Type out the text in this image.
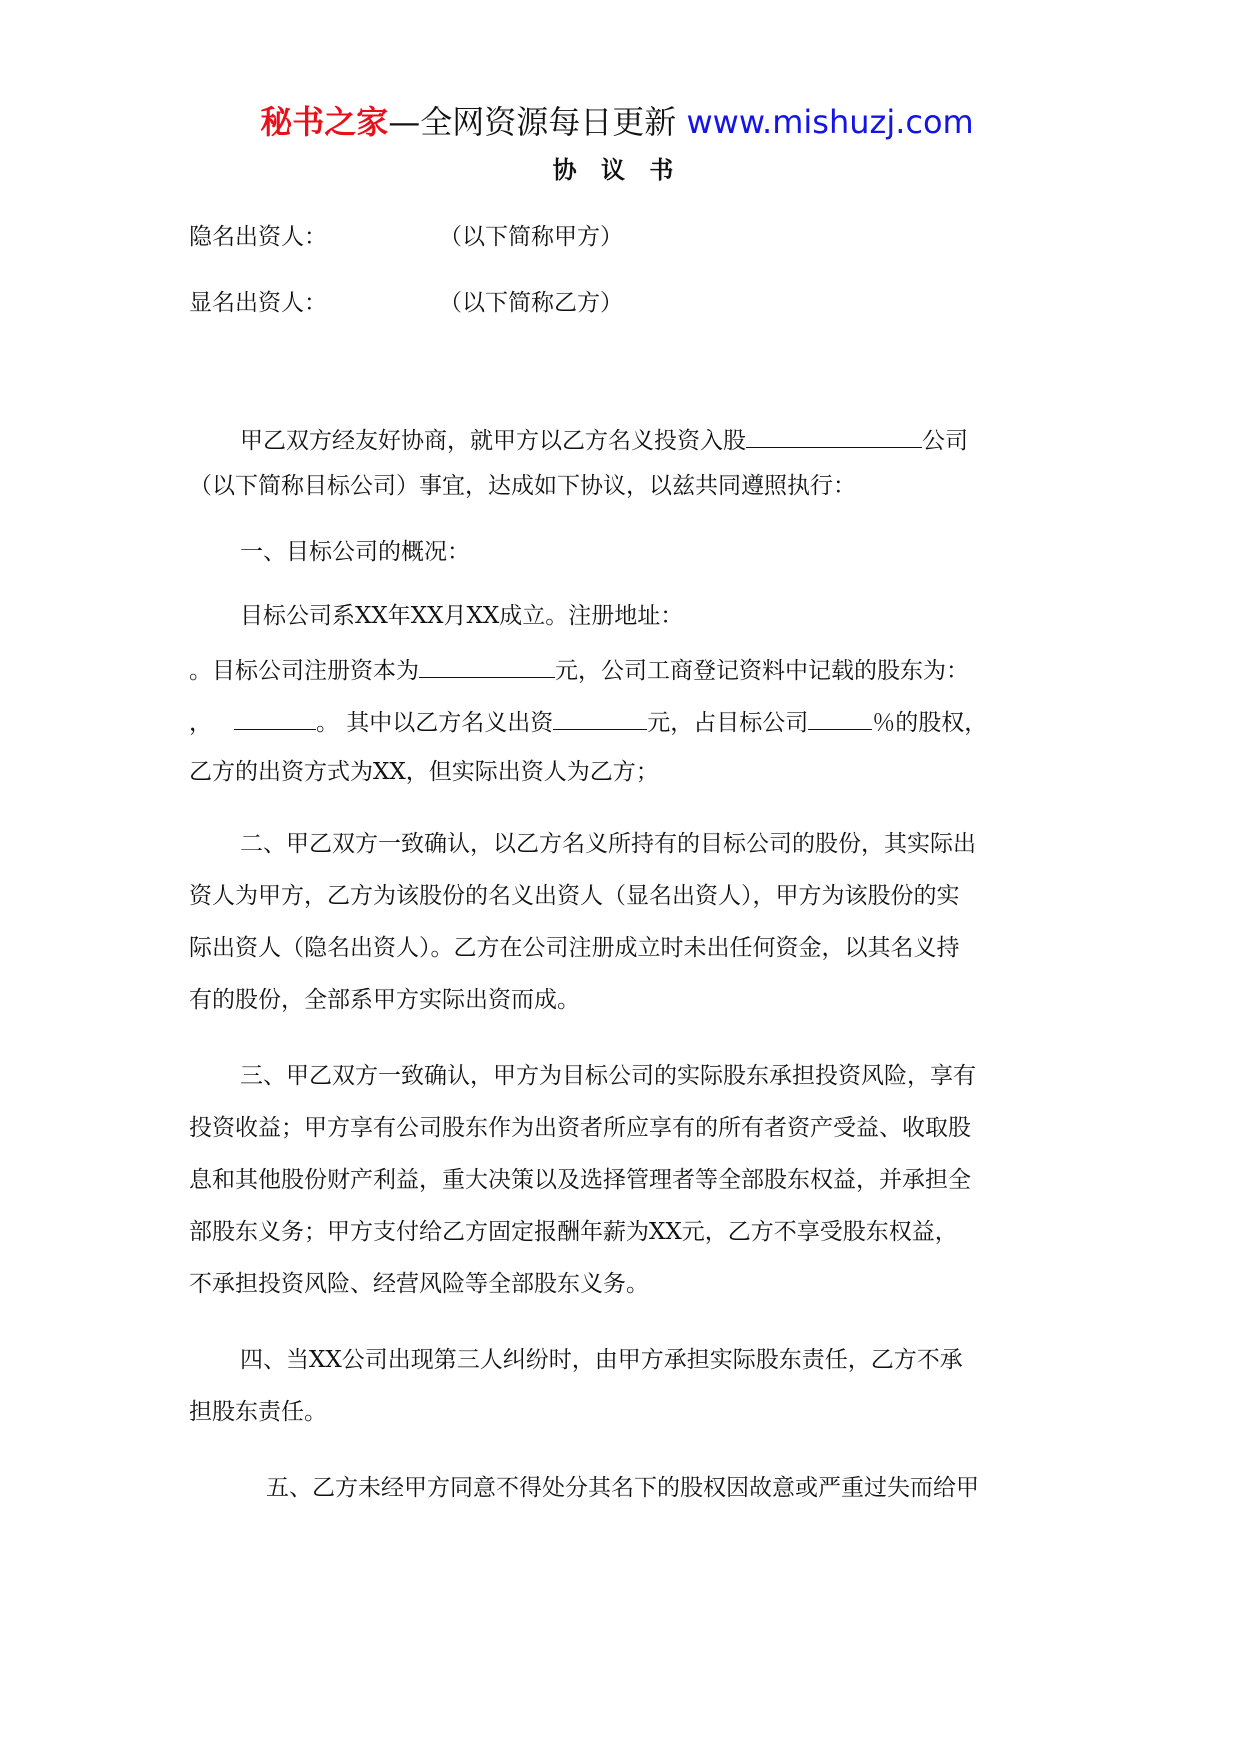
秘书之家—全网资源每日更新 www.mishuzj.com
协 议 书
隐名出资人：	（以下简称甲方）
显名出资人：	（以下简称乙方）
甲乙双方经友好协商，就甲方以乙方名义投资入股	公司
（以下简称目标公司）事宜，达成如下协议，以兹共同遵照执行：
一、目标公司的概况：
目标公司系XX年XX月XX成立。注册地址：
。目标公司注册资本为	元，公司工商登记资料中记载的股东为：
，	。 其中以乙方名义出资	元，占目标公司	％的股权，
乙方的出资方式为XX，但实际出资人为乙方；
二、甲乙双方一致确认，以乙方名义所持有的目标公司的股份，其实际出
资人为甲方，乙方为该股份的名义出资人（显名出资人），甲方为该股份的实
际出资人（隐名出资人）。乙方在公司注册成立时未出任何资金，以其名义持
有的股份，全部系甲方实际出资而成。
三、甲乙双方一致确认，甲方为目标公司的实际股东承担投资风险，享有
投资收益；甲方享有公司股东作为出资者所应享有的所有者资产受益、收取股
息和其他股份财产利益，重大决策以及选择管理者等全部股东权益，并承担全
部股东义务；甲方支付给乙方固定报酬年薪为XX元，乙方不享受股东权益，
不承担投资风险、经营风险等全部股东义务。
四、当XX公司出现第三人纠纷时，由甲方承担实际股东责任，乙方不承
担股东责任。
五、乙方未经甲方同意不得处分其名下的股权因故意或严重过失而给甲
